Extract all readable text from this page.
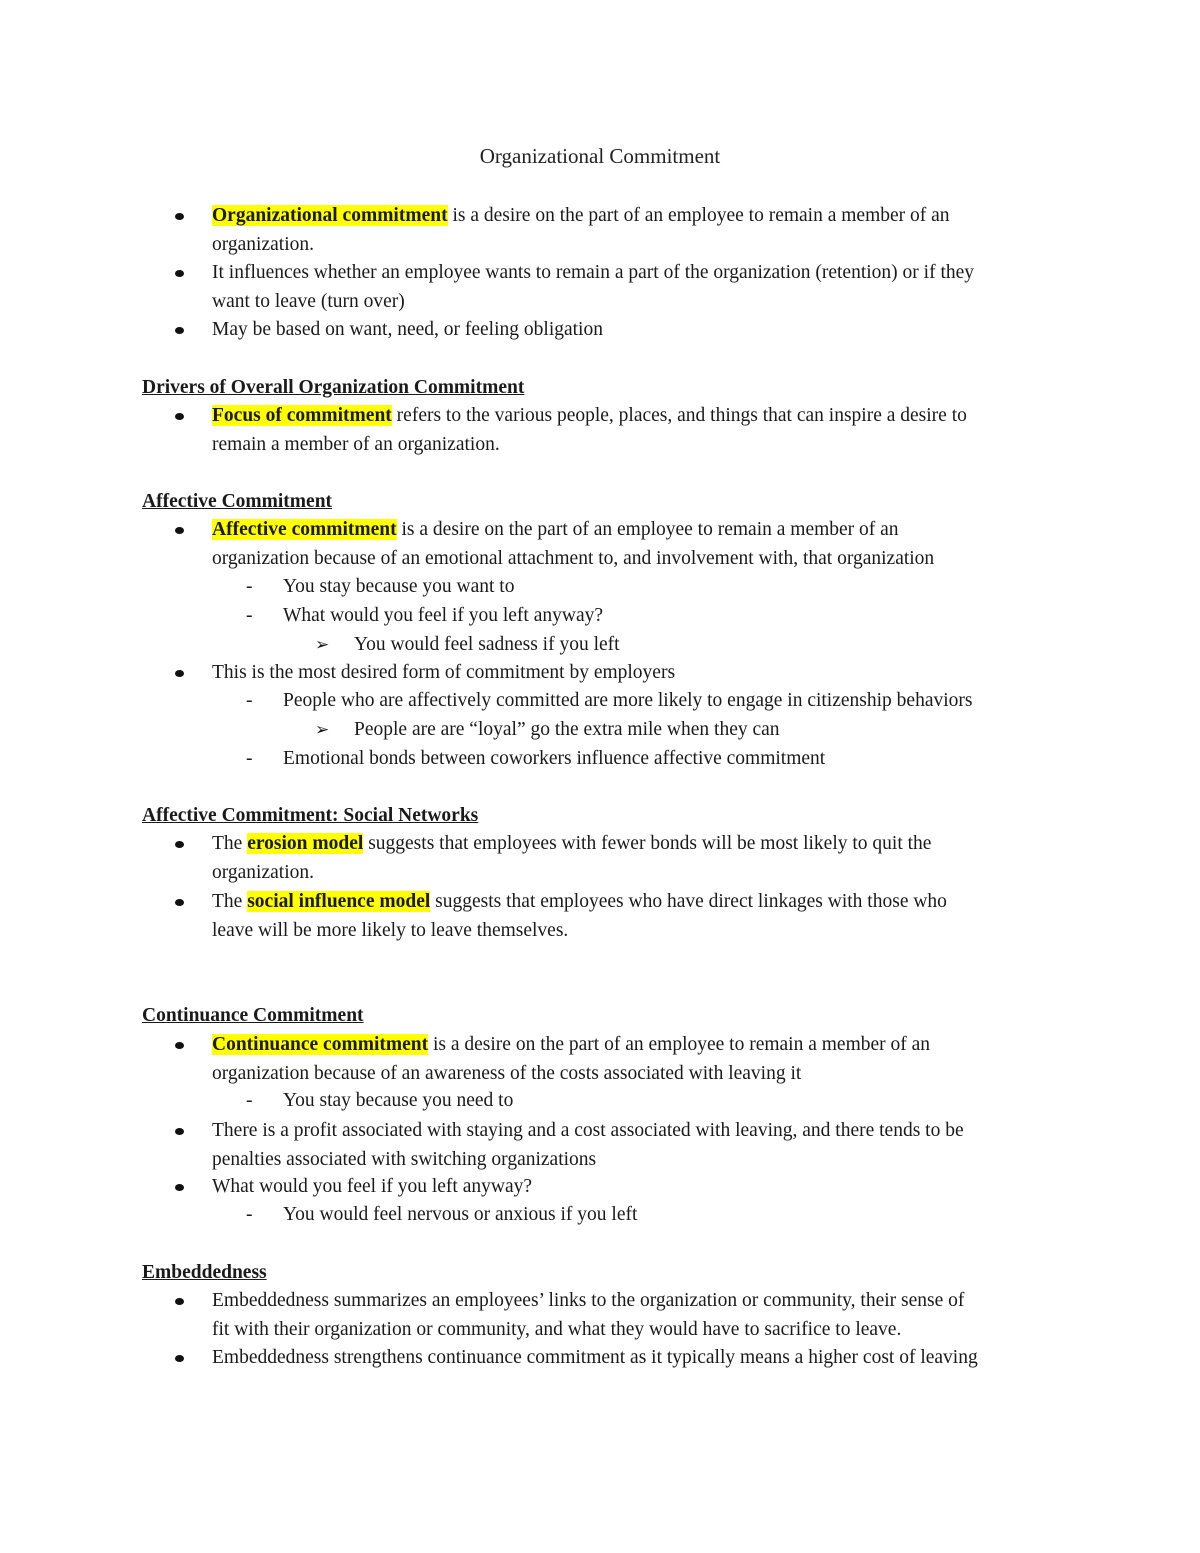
Organizational Commitment
Organizational commitment is a desire on the part of an employee to remain a member of an
organization.
It influences whether an employee wants to remain a part of the organization (retention) or if they
want to leave (turn over)
May be based on want, need, or feeling obligation
Drivers of Overall Organization Commitment
Focus of commitment refers to the various people, places, and things that can inspire a desire to
remain a member of an organization.
Affective Commitment
Affective commitment is a desire on the part of an employee to remain a member of an
organization because of an emotional attachment to, and involvement with, that organization
- You stay because you want to
- What would you feel if you left anyway?
➢ You would feel sadness if you left
This is the most desired form of commitment by employers
- People who are affectively committed are more likely to engage in citizenship behaviors
➢ People are are “loyal” go the extra mile when they can
- Emotional bonds between coworkers influence affective commitment
Affective Commitment: Social Networks
The erosion model suggests that employees with fewer bonds will be most likely to quit the
organization.
The social influence model suggests that employees who have direct linkages with those who
leave will be more likely to leave themselves.
Continuance Commitment
Continuance commitment is a desire on the part of an employee to remain a member of an
organization because of an awareness of the costs associated with leaving it
- You stay because you need to
There is a profit associated with staying and a cost associated with leaving, and there tends to be
penalties associated with switching organizations
What would you feel if you left anyway?
- You would feel nervous or anxious if you left
Embeddedness
Embeddedness summarizes an employees’ links to the organization or community, their sense of
fit with their organization or community, and what they would have to sacrifice to leave.
Embeddedness strengthens continuance commitment as it typically means a higher cost of leaving
